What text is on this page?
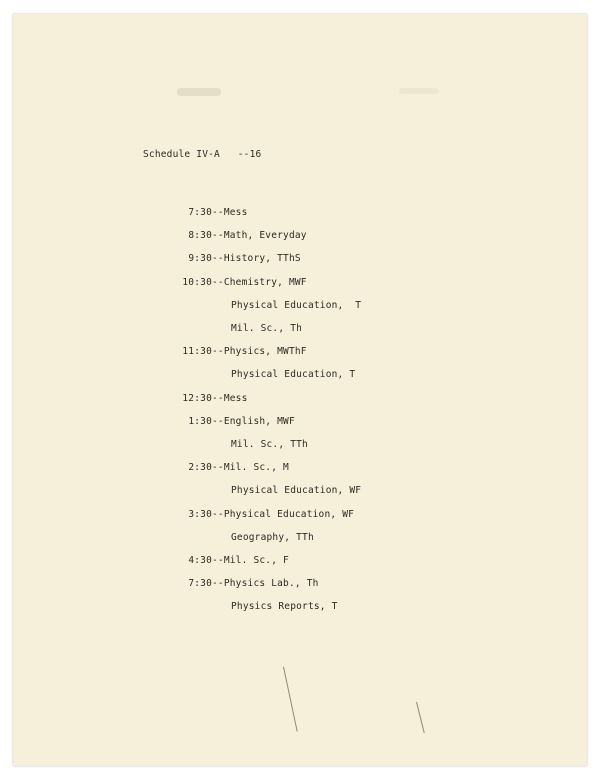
Schedule IV-A --16
7:30--Mess
8:30--Math, Everyday
9:30--History, TThS
10:30--Chemistry, MWF
Physical Education,  T
Mil. Sc., Th
11:30--Physics, MWThF
Physical Education, T
12:30--Mess
1:30--English, MWF
Mil. Sc., TTh
2:30--Mil. Sc., M
Physical Education, WF
3:30--Physical Education, WF
Geography, TTh
4:30--Mil. Sc., F
7:30--Physics Lab., Th
Physics Reports, T
